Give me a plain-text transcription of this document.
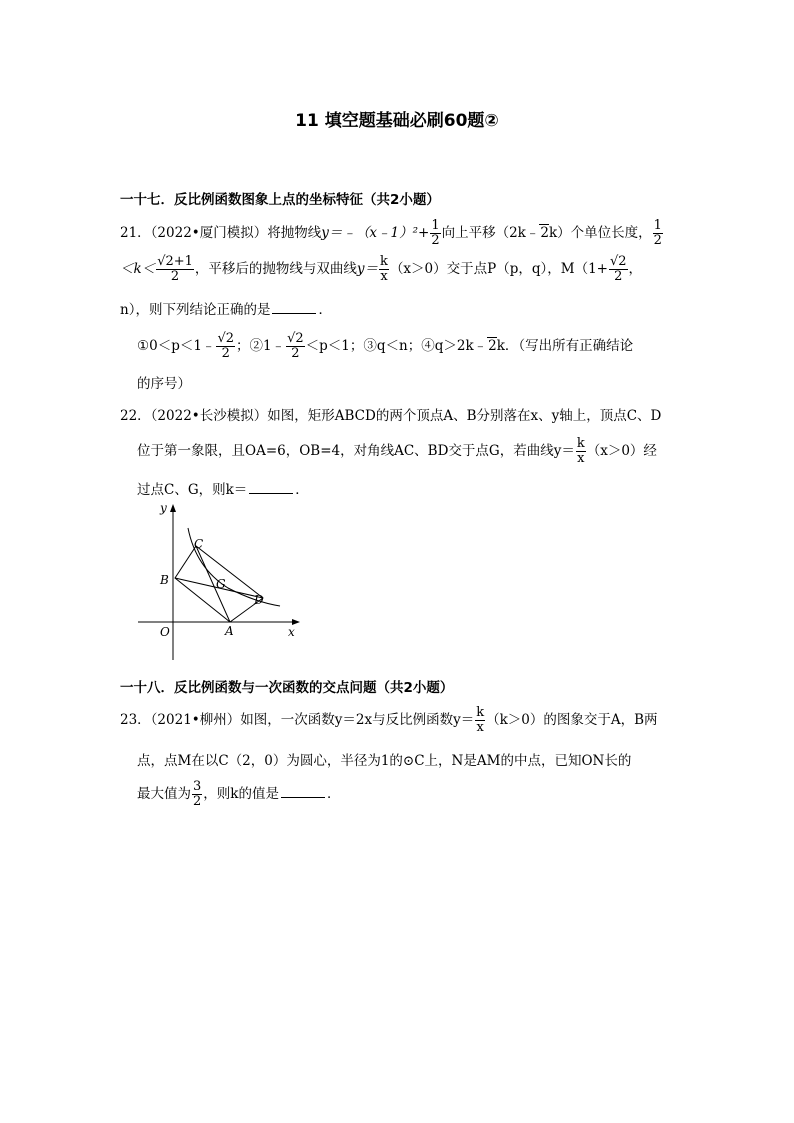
11 填空题基础必刷60题②
一十七．反比例函数图象上点的坐标特征（共2小题）
21．（2022•厦门模拟）将抛物线y＝﹣（x﹣1）²+ $\frac{1}{2}$ 向上平移（2k﹣2k）个单位长度， $\frac{1}{2}$
$<k< \frac{√2+1}{2}$ ，平移后的抛物线与双曲线$y= \frac{k}{x} (x>0)$交于点P（p，q），$M(1+ \frac{√2}{2}$ ，
n），则下列结论正确的是	．
①0＜p＜1﹣ $\frac{√2}{2}$ ；②1﹣ $\frac{√2}{2} <p<1$；③q＜n；④q＞2k﹣2k．（写出所有正确结论
的序号）
22．（2022•长沙模拟）如图，矩形ABCD的两个顶点A、B分别落在x、y轴上，顶点C、D
位于第一象限，且OA=6，OB=4，对角线AC、BD交于点G，若曲线$y= \frac{k}{x} (x>0)$经
过点C、G，则k＝	．
y
x
O	A
B
C
D
G
一十八．反比例函数与一次函数的交点问题（共2小题）
23．（2021•柳州）如图，一次函数y＝2x与反比例函数$y= \frac{k}{x} (k>0)$的图象交于A，B两
点，点M在以C（2，0）为圆心，半径为1的⊙C上，N是AM的中点，已知ON长的
最大值为 $\frac{3}{2}$ ，则k的值是	．
